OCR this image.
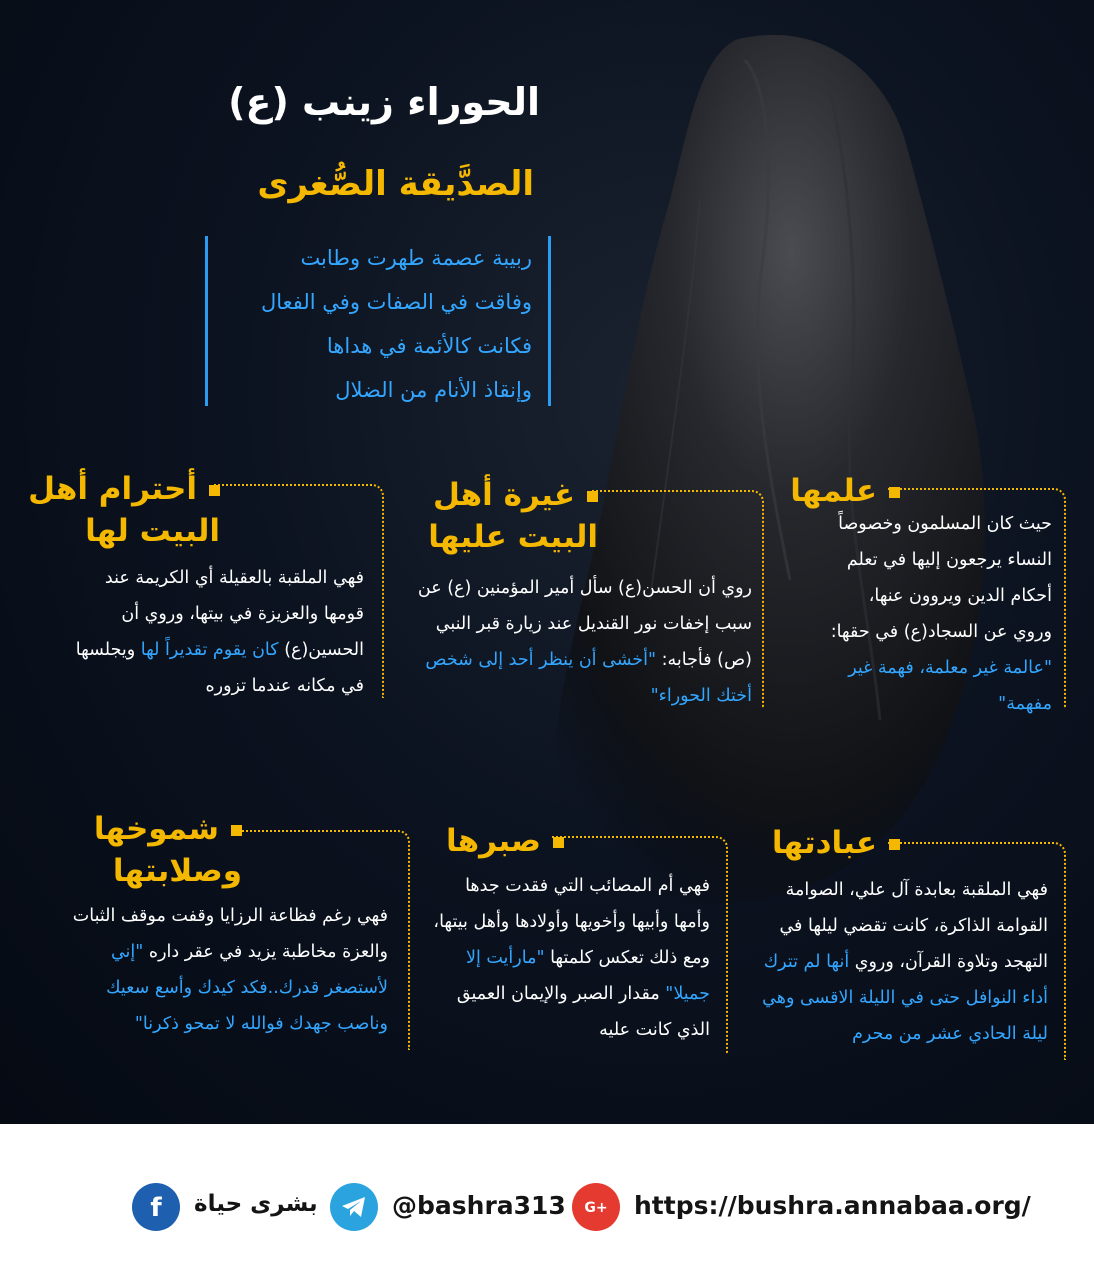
الحوراء زينب (ع)
الصدَّيقة الصُّغرى
ربيبة عصمة طهرت وطابت
وفاقت في الصفات وفي الفعال
فكانت كالأئمة في هداها
وإنقاذ الأنام من الضلال
علمها
حيث كان المسلمون وخصوصاً النساء يرجعون إليها في تعلم أحكام الدين ويروون عنها، وروي عن السجاد(ع) في حقها: "عالمة غير معلمة، فهمة غير مفهمة"
غيرة أهل
البيت عليها
روي أن الحسن(ع) سأل أمير المؤمنين (ع) عن سبب إخفات نور القنديل عند زيارة قبر النبي (ص) فأجابه: "أخشى أن ينظر أحد إلى شخص أختك الحوراء"
أحترام أهل
البيت لها
فهي الملقبة بالعقيلة أي الكريمة عند قومها والعزيزة في بيتها، وروي أن الحسين(ع) كان يقوم تقديراً لها ويجلسها في مكانه عندما تزوره
عبادتها
فهي الملقبة بعابدة آل علي، الصوامة القوامة الذاكرة، كانت تقضي ليلها في التهجد وتلاوة القرآن، وروي أنها لم تترك أداء النوافل حتى في الليلة الاقسى وهي ليلة الحادي عشر من محرم
صبرها
فهي أم المصائب التي فقدت جدها وأمها وأبيها وأخويها وأولادها وأهل بيتها، ومع ذلك تعكس كلمتها "مارأيت إلا جميلا" مقدار الصبر والإيمان العميق الذي كانت عليه
شموخها
وصلابتها
فهي رغم فظاعة الرزايا وقفت موقف الثبات والعزة مخاطبة يزيد في عقر داره "إني لأستصغر قدرك..فكد كيدك وأسع سعيك وناصب جهدك فوالله لا تمحو ذكرنا"
G+ https://bushra.annabaa.org/
@bashra313
f بشرى حياة
